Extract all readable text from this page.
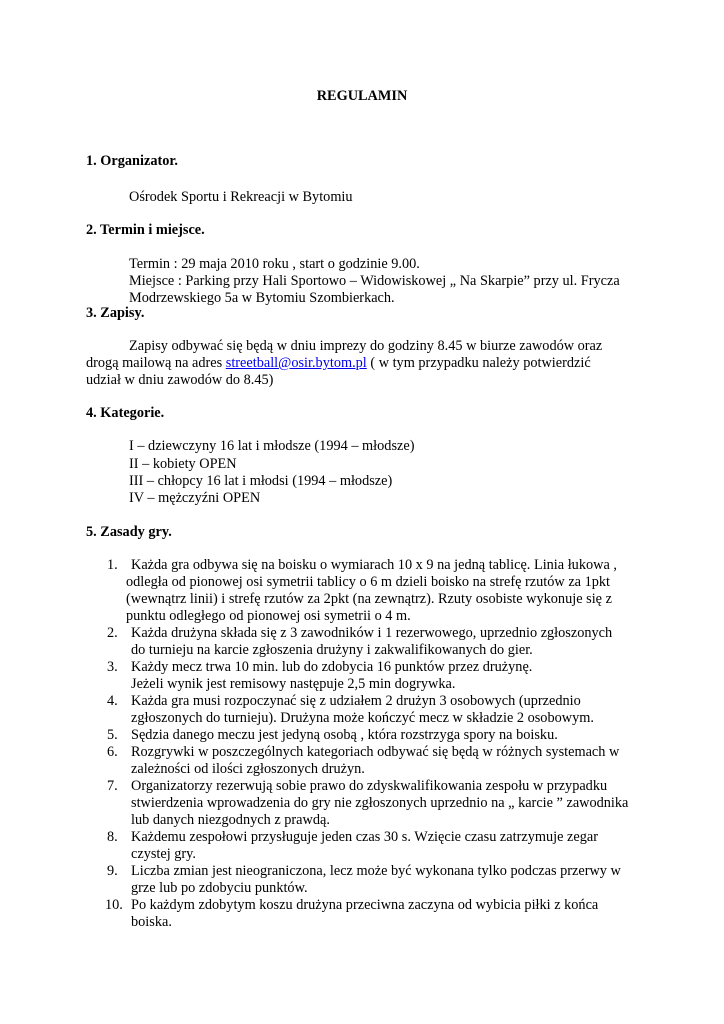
REGULAMIN
1. Organizator.
Ośrodek Sportu i Rekreacji w Bytomiu
2. Termin i miejsce.
Termin : 29 maja 2010 roku , start o godzinie 9.00.
Miejsce : Parking przy Hali Sportowo – Widowiskowej „ Na Skarpie” przy ul. Frycza
Modrzewskiego 5a w Bytomiu Szombierkach.
3. Zapisy.
Zapisy odbywać się będą w dniu imprezy do godziny 8.45 w biurze zawodów oraz
drogą mailową na adres streetball@osir.bytom.pl ( w tym przypadku należy potwierdzić
udział w dniu zawodów do 8.45)
4. Kategorie.
I – dziewczyny 16 lat i młodsze (1994 – młodsze)
II – kobiety OPEN
III – chłopcy 16 lat i młodsi (1994 – młodsze)
IV – mężczyźni OPEN
5. Zasady gry.
1. Każda gra odbywa się na boisku o wymiarach 10 x 9 na jedną tablicę. Linia łukowa ,
odległa od pionowej osi symetrii tablicy o 6 m dzieli boisko na strefę rzutów za 1pkt
(wewnątrz linii) i strefę rzutów za 2pkt (na zewnątrz). Rzuty osobiste wykonuje się z
punktu odległego od pionowej osi symetrii o 4 m.
2. Każda drużyna składa się z 3 zawodników i 1 rezerwowego, uprzednio zgłoszonych
do turnieju na karcie zgłoszenia drużyny i zakwalifikowanych do gier.
3. Każdy mecz trwa 10 min. lub do zdobycia 16 punktów przez drużynę.
Jeżeli wynik jest remisowy następuje 2,5 min dogrywka.
4. Każda gra musi rozpoczynać się z udziałem 2 drużyn 3 osobowych (uprzednio
zgłoszonych do turnieju). Drużyna może kończyć mecz w składzie 2 osobowym.
5. Sędzia danego meczu jest jedyną osobą , która rozstrzyga spory na boisku.
6. Rozgrywki w poszczególnych kategoriach odbywać się będą w różnych systemach w
zależności od ilości zgłoszonych drużyn.
7. Organizatorzy rezerwują sobie prawo do zdyskwalifikowania zespołu w przypadku
stwierdzenia wprowadzenia do gry nie zgłoszonych uprzednio na „ karcie ” zawodnika
lub danych niezgodnych z prawdą.
8. Każdemu zespołowi przysługuje jeden czas 30 s. Wzięcie czasu zatrzymuje zegar
czystej gry.
9. Liczba zmian jest nieograniczona, lecz może być wykonana tylko podczas przerwy w
grze lub po zdobyciu punktów.
10. Po każdym zdobytym koszu drużyna przeciwna zaczyna od wybicia piłki z końca
boiska.
